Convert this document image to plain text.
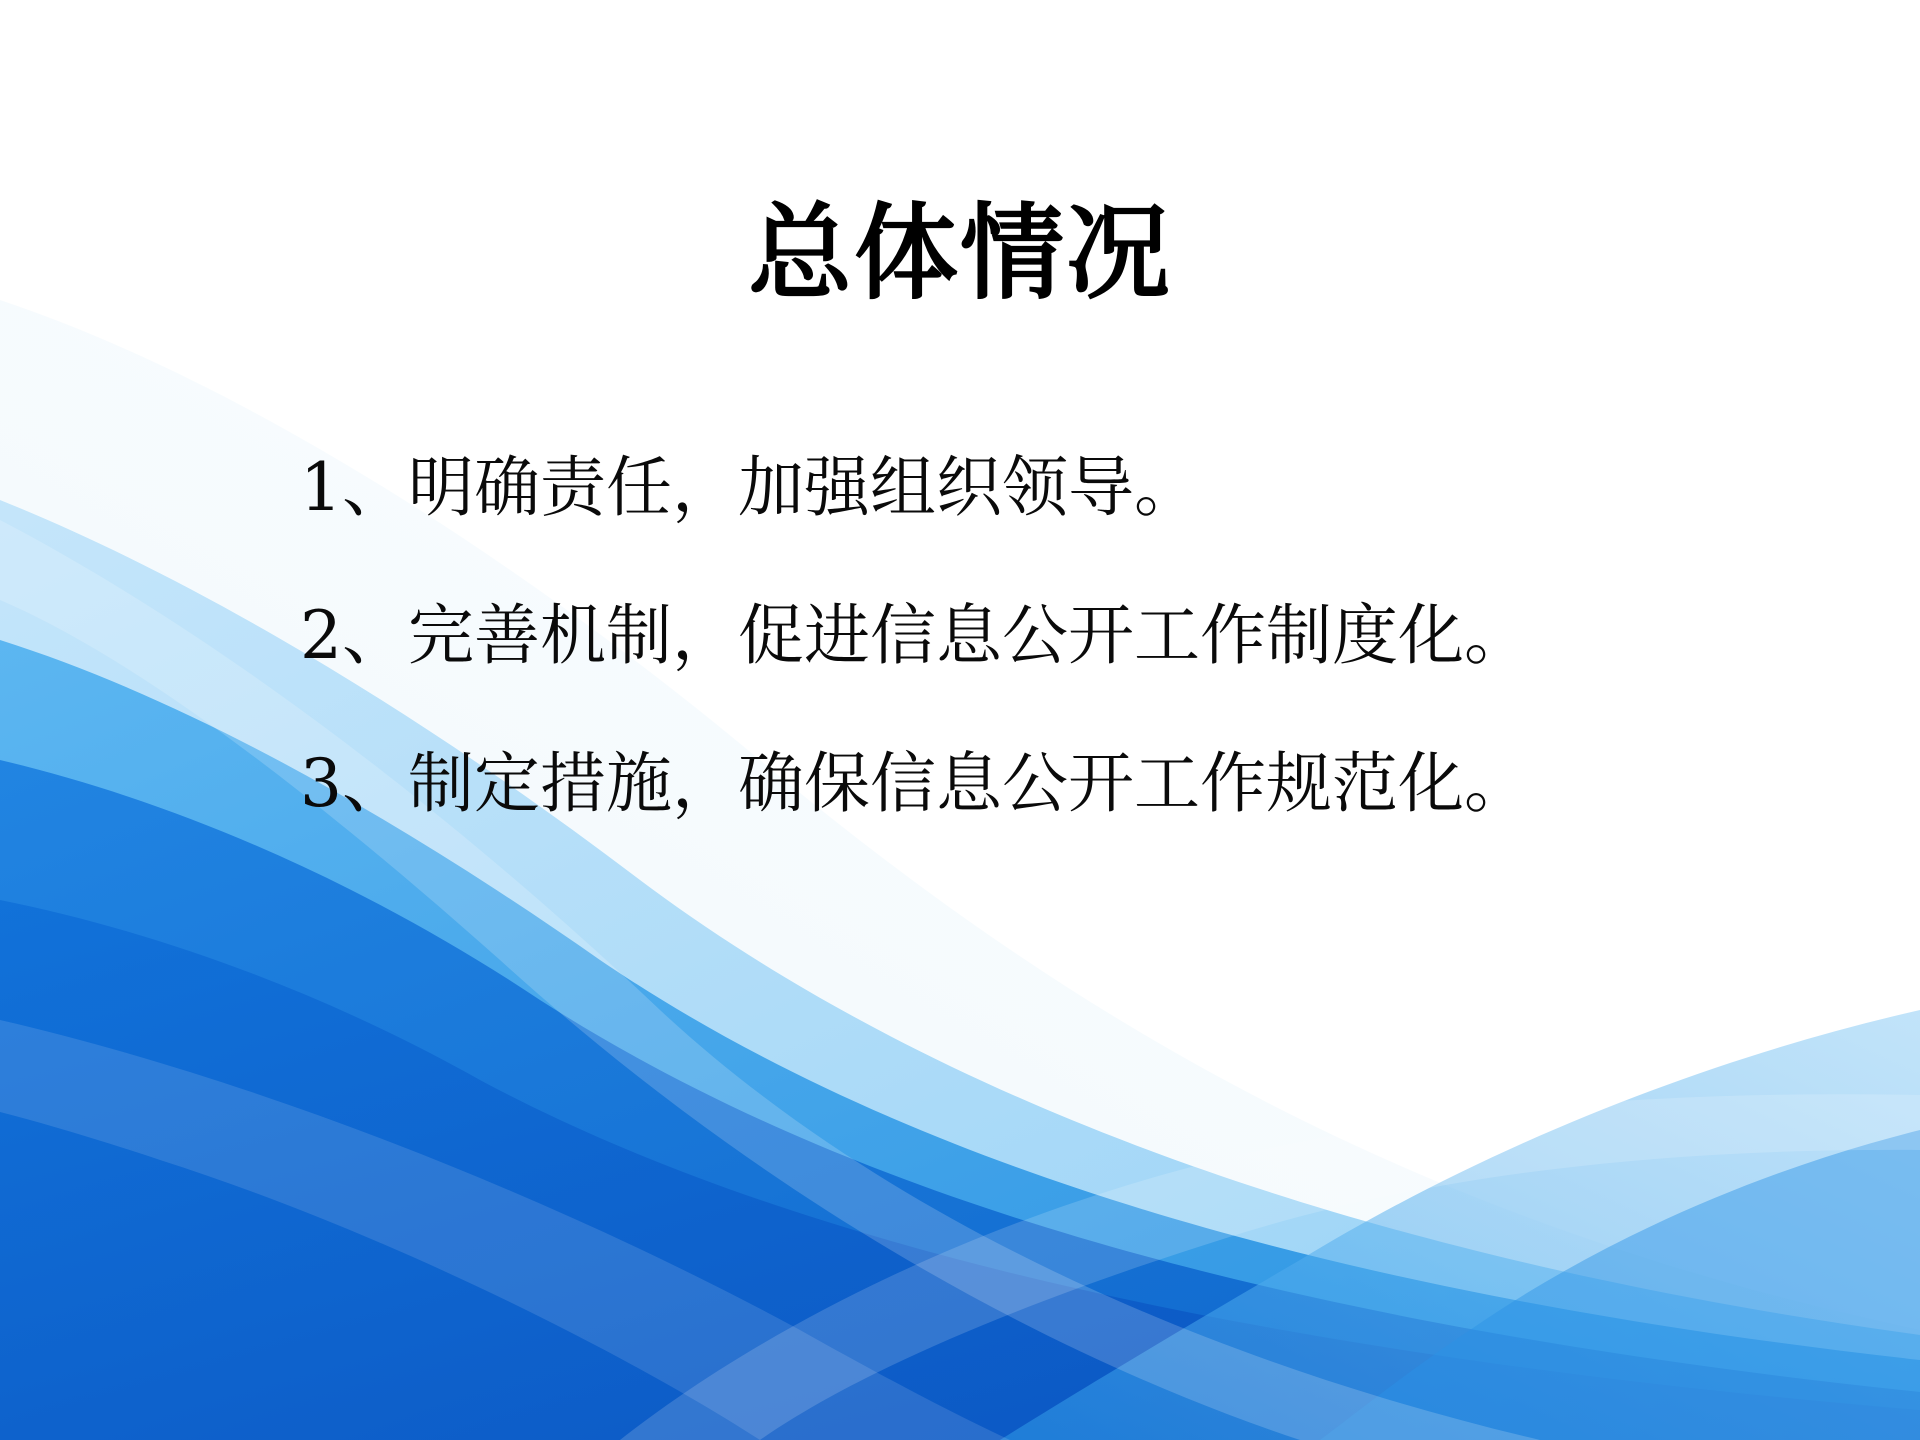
总体情况
1、明确责任，加强组织领导。
2、完善机制，促进信息公开工作制度化。
3、制定措施，确保信息公开工作规范化。
